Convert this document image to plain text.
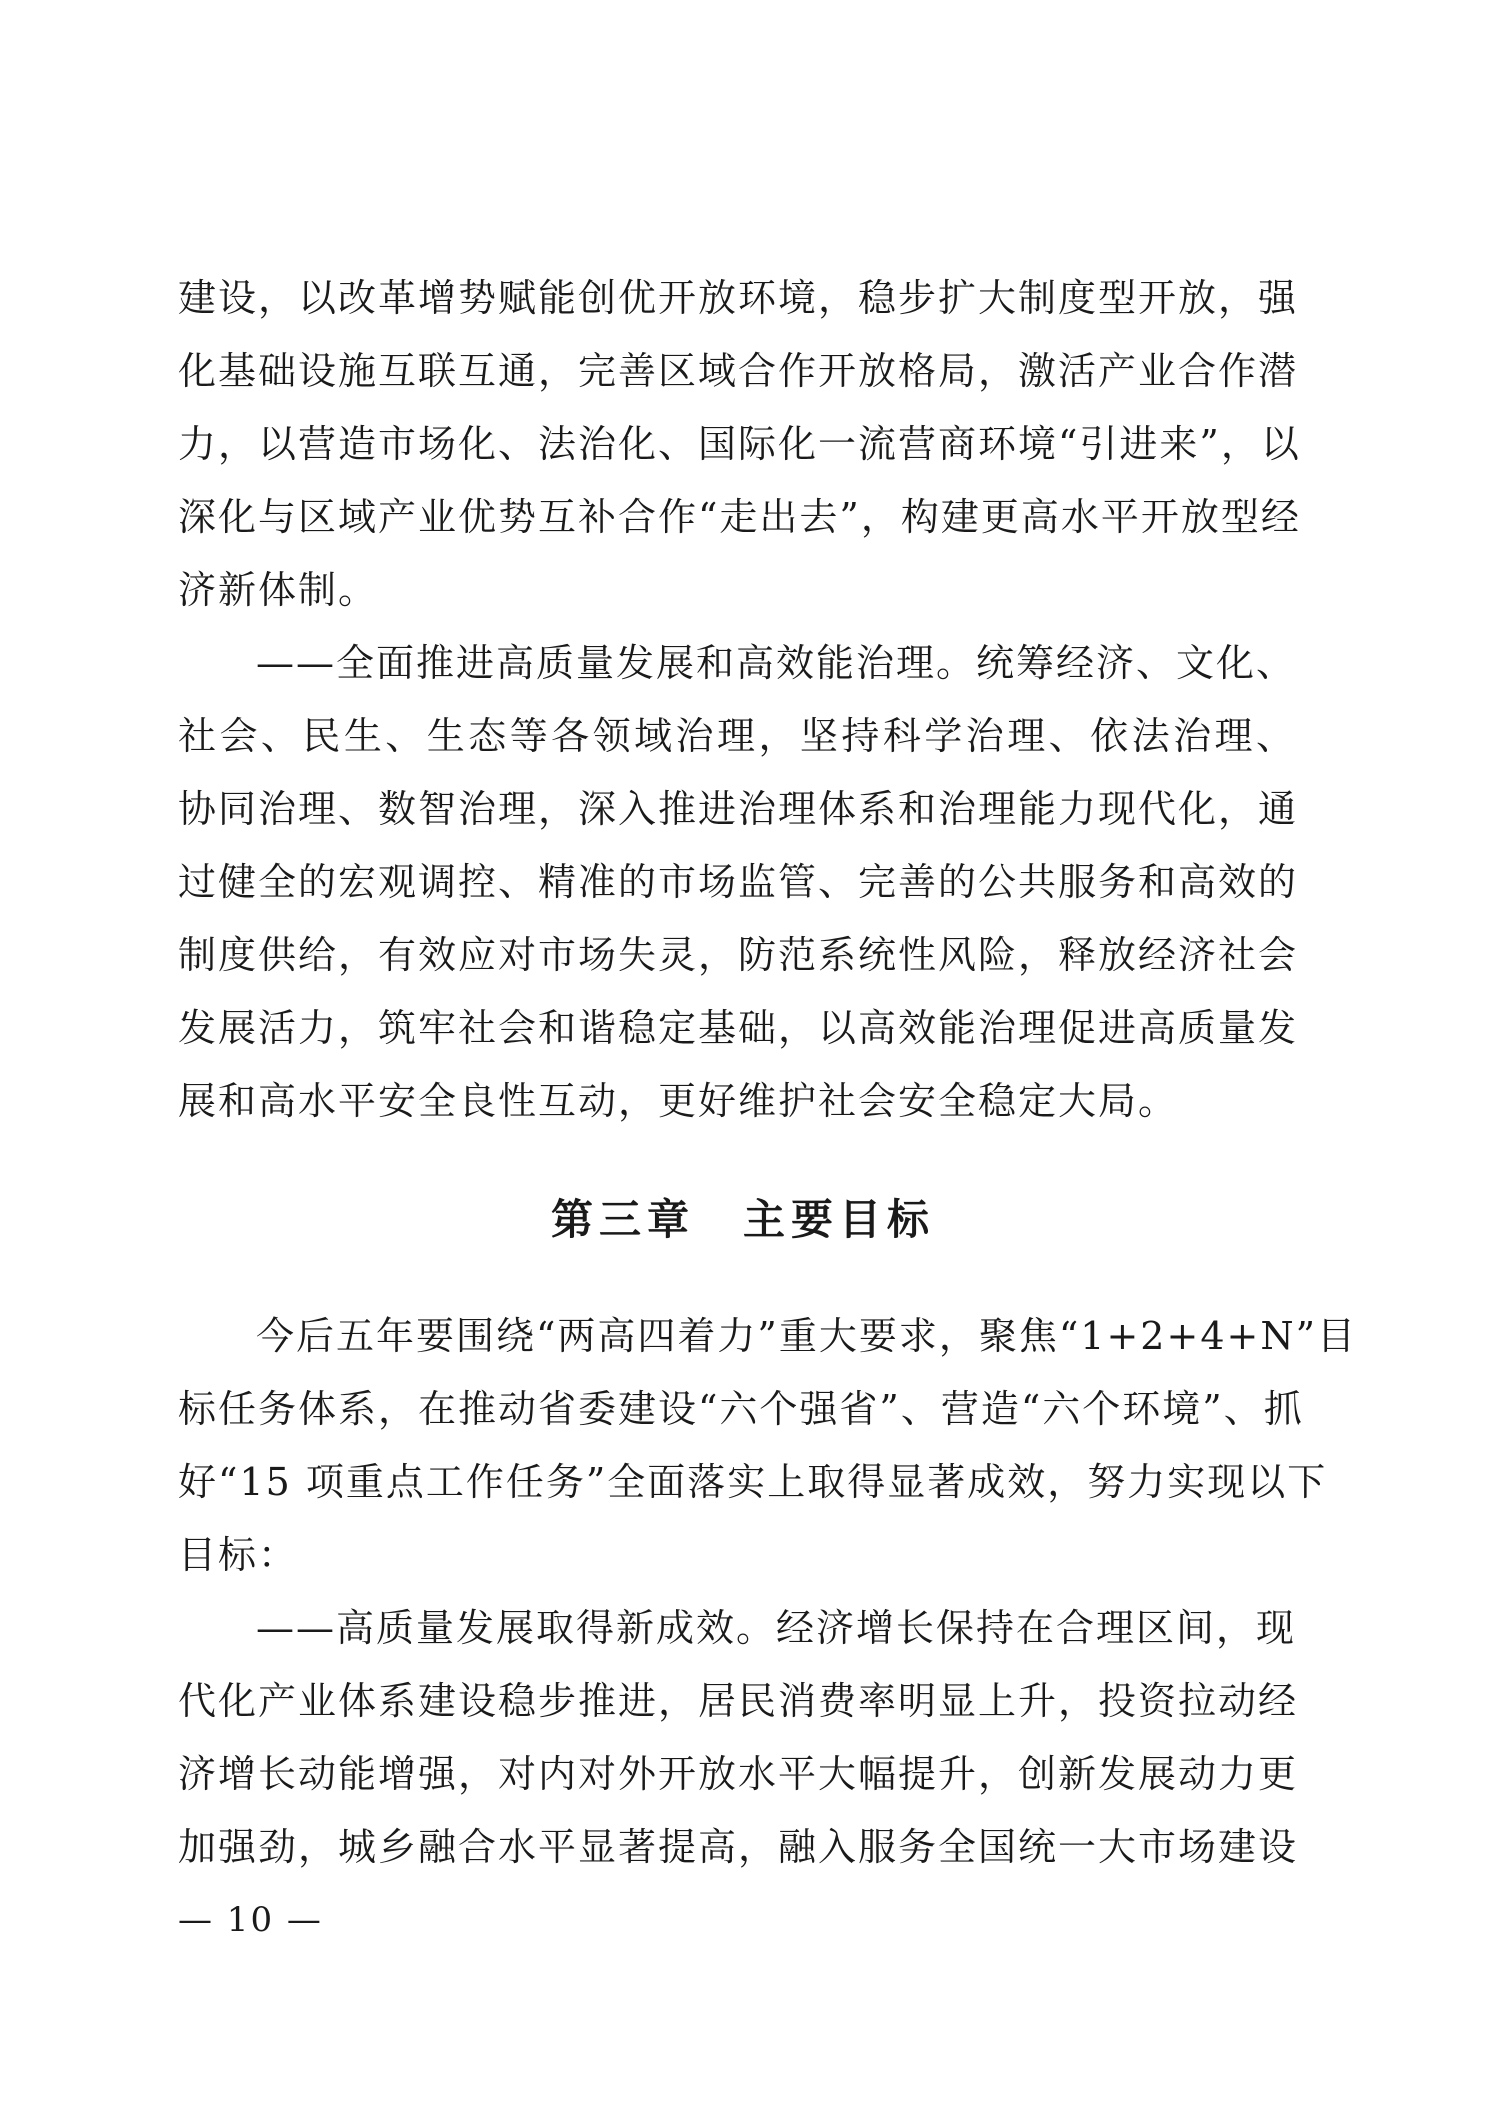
建设，以改革增势赋能创优开放环境，稳步扩大制度型开放，强
化基础设施互联互通，完善区域合作开放格局，激活产业合作潜
力，以营造市场化、法治化、国际化一流营商环境“引进来”，以
深化与区域产业优势互补合作“走出去”，构建更高水平开放型经
济新体制。
——全面推进高质量发展和高效能治理。统筹经济、文化、
社会、民生、生态等各领域治理，坚持科学治理、依法治理、
协同治理、数智治理，深入推进治理体系和治理能力现代化，通
过健全的宏观调控、精准的市场监管、完善的公共服务和高效的
制度供给，有效应对市场失灵，防范系统性风险，释放经济社会
发展活力，筑牢社会和谐稳定基础，以高效能治理促进高质量发
展和高水平安全良性互动，更好维护社会安全稳定大局。
第三章 主要目标
今后五年要围绕“两高四着力”重大要求，聚焦“1+2+4+N”目
标任务体系，在推动省委建设“六个强省”、营造“六个环境”、抓
好“15 项重点工作任务”全面落实上取得显著成效，努力实现以下
目标：
——高质量发展取得新成效。经济增长保持在合理区间，现
代化产业体系建设稳步推进，居民消费率明显上升，投资拉动经
济增长动能增强，对内对外开放水平大幅提升，创新发展动力更
加强劲，城乡融合水平显著提高，融入服务全国统一大市场建设
— 10 —
